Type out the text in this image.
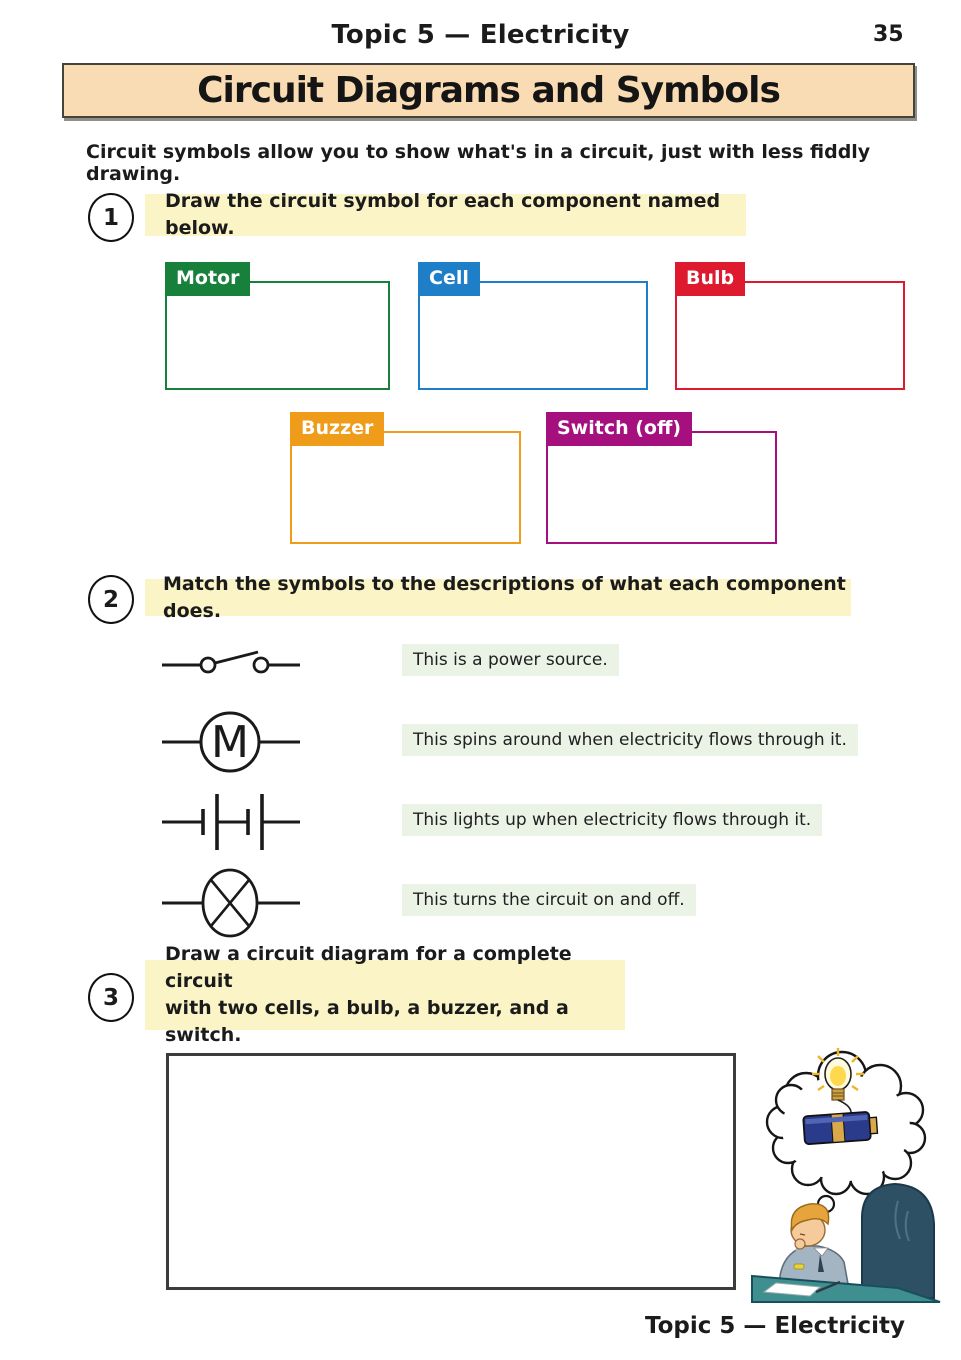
Topic 5 — Electricity	35
Circuit Diagrams and Symbols

Circuit symbols allow you to show what's in a circuit, just with less fiddly drawing.

1
Draw the circuit symbol for each component named below.
Motor	Cell	Bulb
Buzzer	Switch (off)
2
Match the symbols to the descriptions of what each component does.
M
This is a power source.
This spins around when electricity flows through it.
This lights up when electricity flows through it.
This turns the circuit on and off.
3
Draw a circuit diagram for a complete circuit
with two cells, a bulb, a buzzer, and a switch.
Topic 5 — Electricity
